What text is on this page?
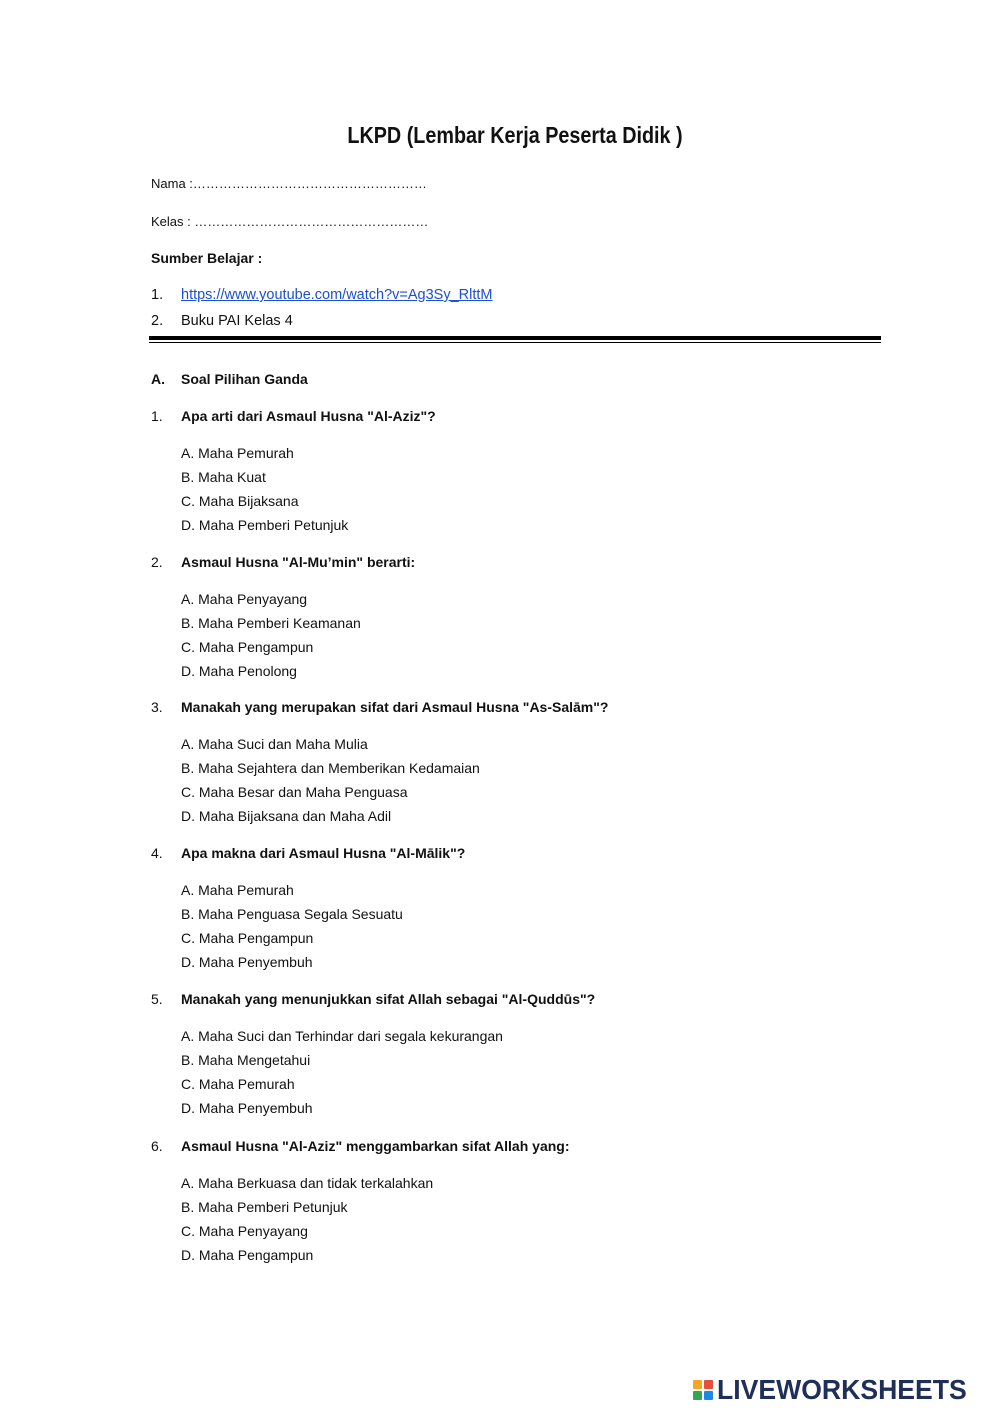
LKPD (Lembar Kerja Peserta Didik )
Nama :………………………………………………
Kelas : ………………………………………………
Sumber Belajar :
1. https://www.youtube.com/watch?v=Ag3Sy_RlttM
2. Buku PAI Kelas 4
A. Soal Pilihan Ganda
1. Apa arti dari Asmaul Husna "Al-Aziz"?
A. Maha Pemurah
B. Maha Kuat
C. Maha Bijaksana
D. Maha Pemberi Petunjuk
2. Asmaul Husna "Al-Mu’min" berarti:
A. Maha Penyayang
B. Maha Pemberi Keamanan
C. Maha Pengampun
D. Maha Penolong
3. Manakah yang merupakan sifat dari Asmaul Husna "As-Salām"?
A. Maha Suci dan Maha Mulia
B. Maha Sejahtera dan Memberikan Kedamaian
C. Maha Besar dan Maha Penguasa
D. Maha Bijaksana dan Maha Adil
4. Apa makna dari Asmaul Husna "Al-Mālik"?
A. Maha Pemurah
B. Maha Penguasa Segala Sesuatu
C. Maha Pengampun
D. Maha Penyembuh
5. Manakah yang menunjukkan sifat Allah sebagai "Al-Quddūs"?
A. Maha Suci dan Terhindar dari segala kekurangan
B. Maha Mengetahui
C. Maha Pemurah
D. Maha Penyembuh
6. Asmaul Husna "Al-Aziz" menggambarkan sifat Allah yang:
A. Maha Berkuasa dan tidak terkalahkan
B. Maha Pemberi Petunjuk
C. Maha Penyayang
D. Maha Pengampun
LIVEWORKSHEETS
